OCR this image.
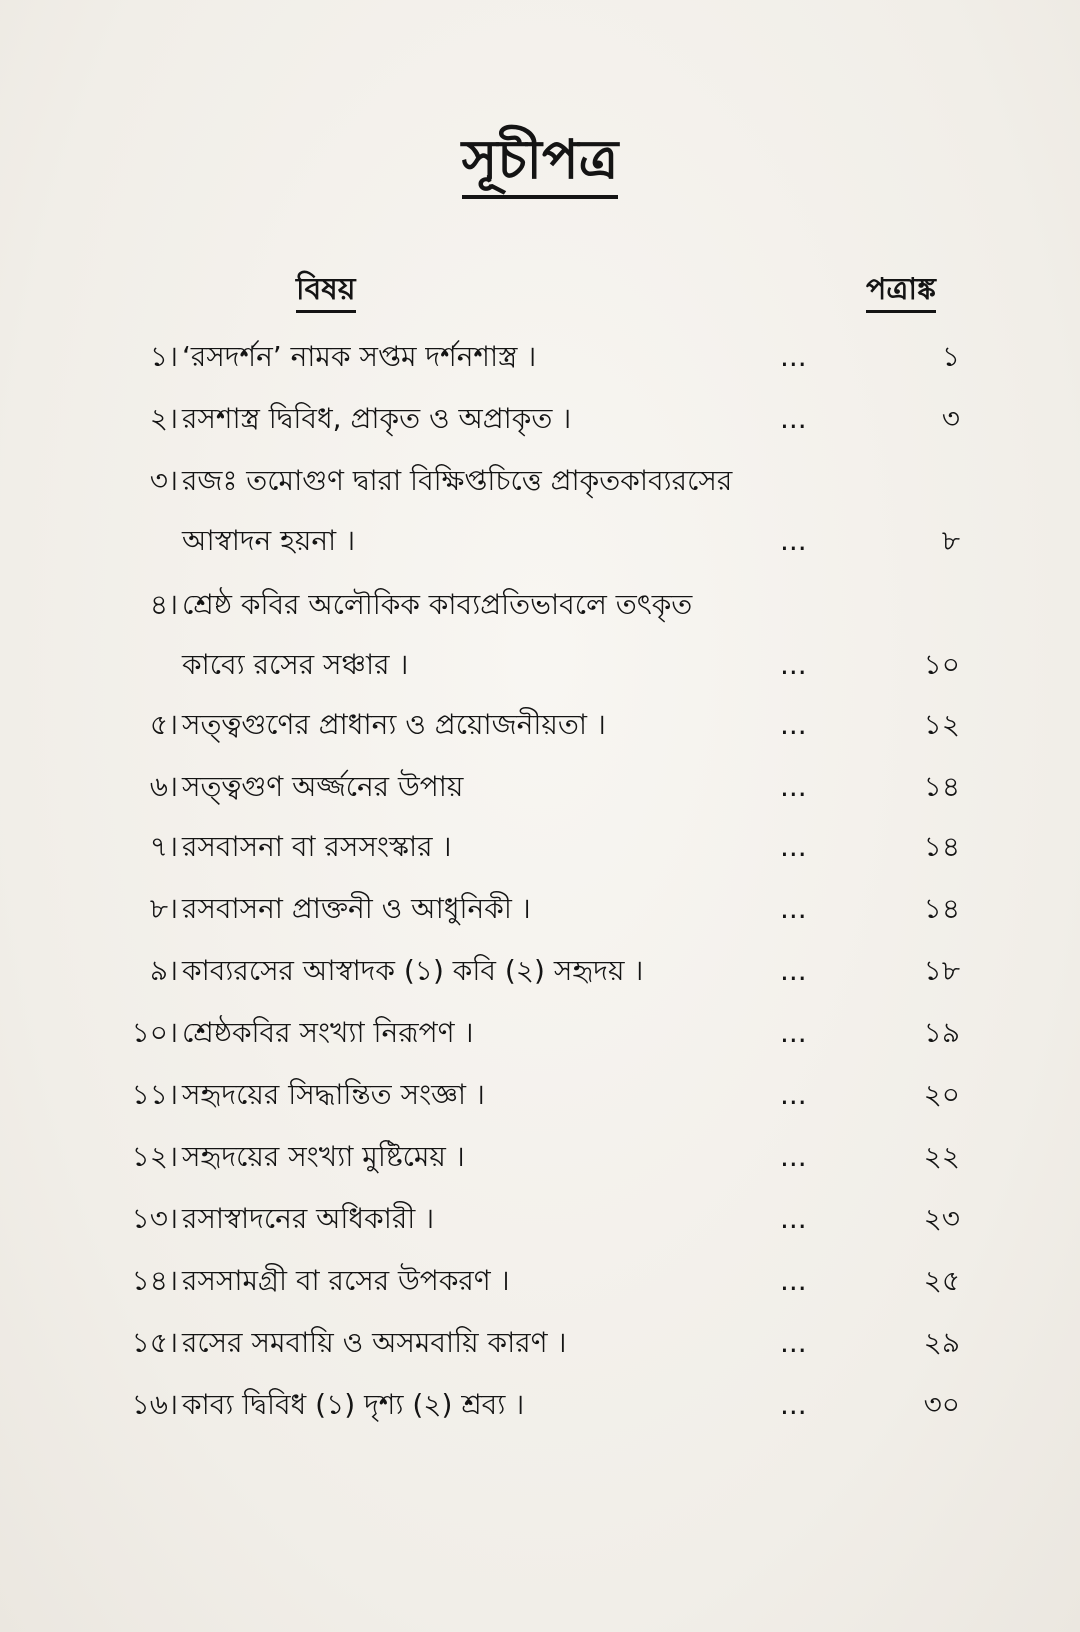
সূচীপত্র
বিষয়	পত্রাঙ্ক
১। ‘রসদর্শন’ নামক সপ্তম দর্শনশাস্ত্র ।	...	১
২। রসশাস্ত্র দ্বিবিধ, প্রাকৃত ও অপ্রাকৃত ।	...	৩
৩। রজঃ তমোগুণ দ্বারা বিক্ষিপ্তচিত্তে প্রাকৃতকাব্যরসের
আস্বাদন হয়না ।	...	৮
৪। শ্রেষ্ঠ কবির অলৌকিক কাব্যপ্রতিভাবলে তৎকৃত
কাব্যে রসের সঞ্চার ।	...	১০
৫। সত্ত্বগুণের প্রাধান্য ও প্রয়োজনীয়তা ।	...	১২
৬। সত্ত্বগুণ অর্জ্জনের উপায়	...	১৪
৭। রসবাসনা বা রসসংস্কার ।	...	১৪
৮। রসবাসনা প্রাক্তনী ও আধুনিকী ।	...	১৪
৯। কাব্যরসের আস্বাদক (১) কবি (২) সহৃদয় ।	...	১৮
১০। শ্রেষ্ঠকবির সংখ্যা নিরূপণ ।	...	১৯
১১। সহৃদয়ের সিদ্ধান্তিত সংজ্ঞা ।	...	২০
১২। সহৃদয়ের সংখ্যা মুষ্টিমেয় ।	...	২২
১৩। রসাস্বাদনের অধিকারী ।	...	২৩
১৪। রসসামগ্রী বা রসের উপকরণ ।	...	২৫
১৫। রসের সমবায়ি ও অসমবায়ি কারণ ।	...	২৯
১৬। কাব্য দ্বিবিধ (১) দৃশ্য (২) শ্রব্য ।	...	৩০
